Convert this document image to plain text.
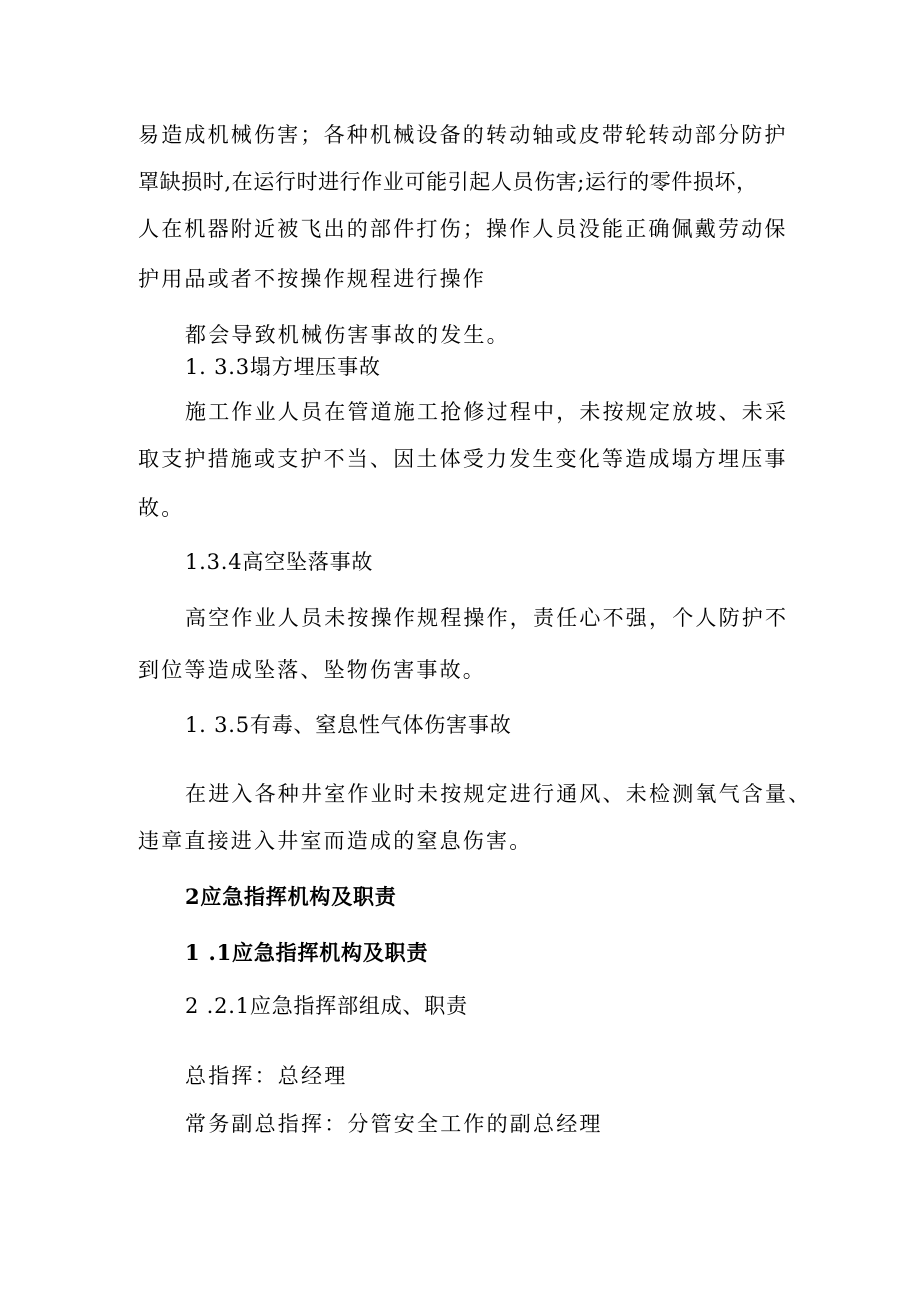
易造成机械伤害；各种机械设备的转动轴或皮带轮转动部分防护
罩缺损时,在运行时进行作业可能引起人员伤害;运行的零件损坏，
人在机器附近被飞出的部件打伤；操作人员没能正确佩戴劳动保
护用品或者不按操作规程进行操作
都会导致机械伤害事故的发生。
1. 3.3塌方埋压事故
施工作业人员在管道施工抢修过程中，未按规定放坡、未采
取支护措施或支护不当、因土体受力发生变化等造成塌方埋压事
故。
1.3.4高空坠落事故
高空作业人员未按操作规程操作，责任心不强，个人防护不
到位等造成坠落、坠物伤害事故。
1. 3.5有毒、窒息性气体伤害事故
在进入各种井室作业时未按规定进行通风、未检测氧气含量、
违章直接进入井室而造成的窒息伤害。
2应急指挥机构及职责
1 .1应急指挥机构及职责
2 .2.1应急指挥部组成、职责
总指挥：总经理
常务副总指挥：分管安全工作的副总经理
